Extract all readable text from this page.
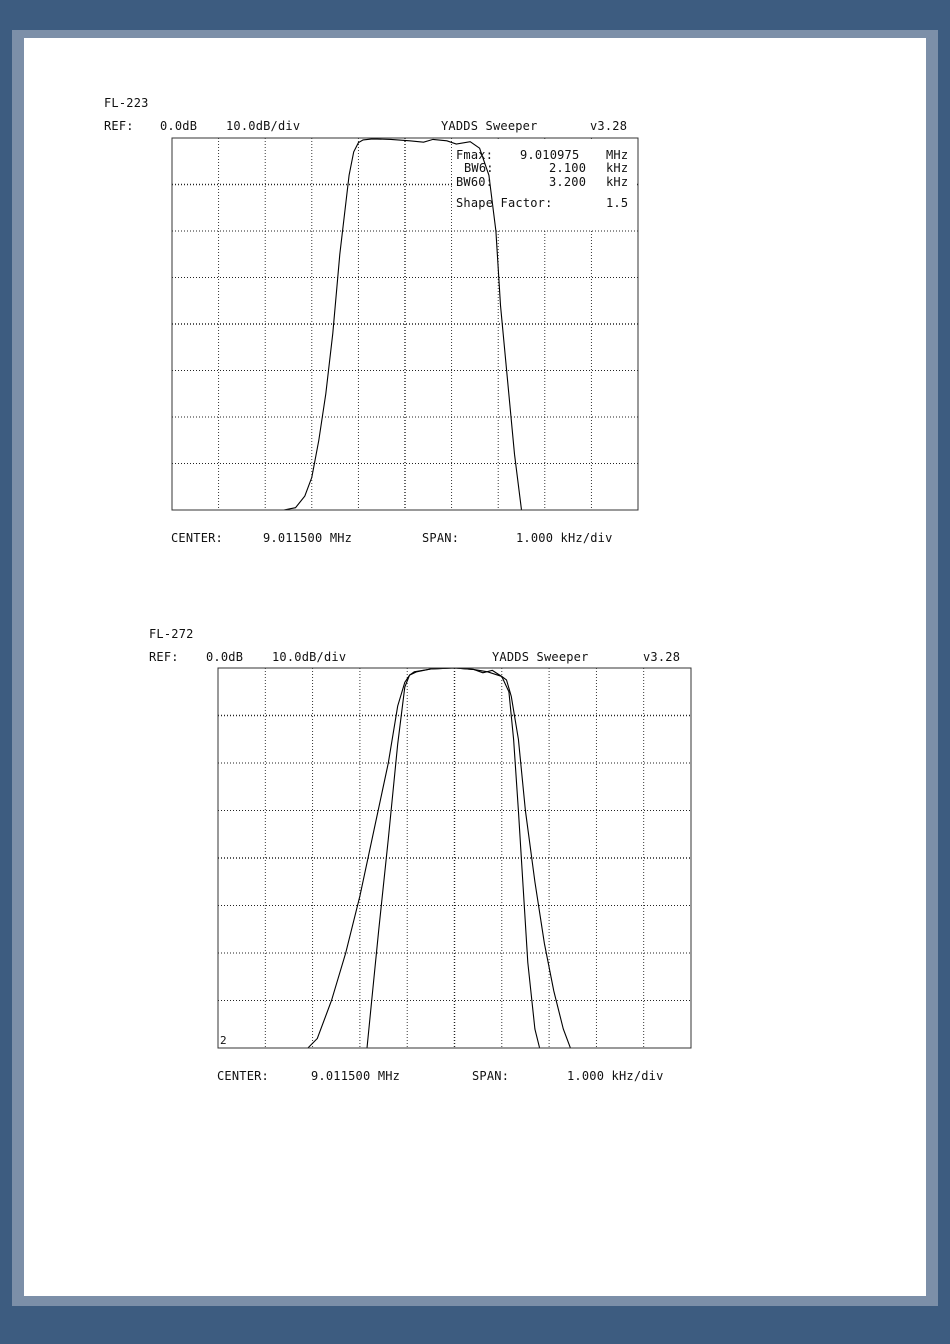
FL-223
REF: 0.0dB 10.0dB/div	YADDS Sweeper	v3.28
Fmax: 9.010975 MHz
BW6:	2.100 kHz
BW60:	3.200 kHz
Shape Factor:	1.5
CENTER:	9.011500 MHz	SPAN:	1.000 kHz/div
FL-272
REF: 0.0dB 10.0dB/div	YADDS Sweeper	v3.28
2
CENTER:	9.011500 MHz	SPAN:	1.000 kHz/div
